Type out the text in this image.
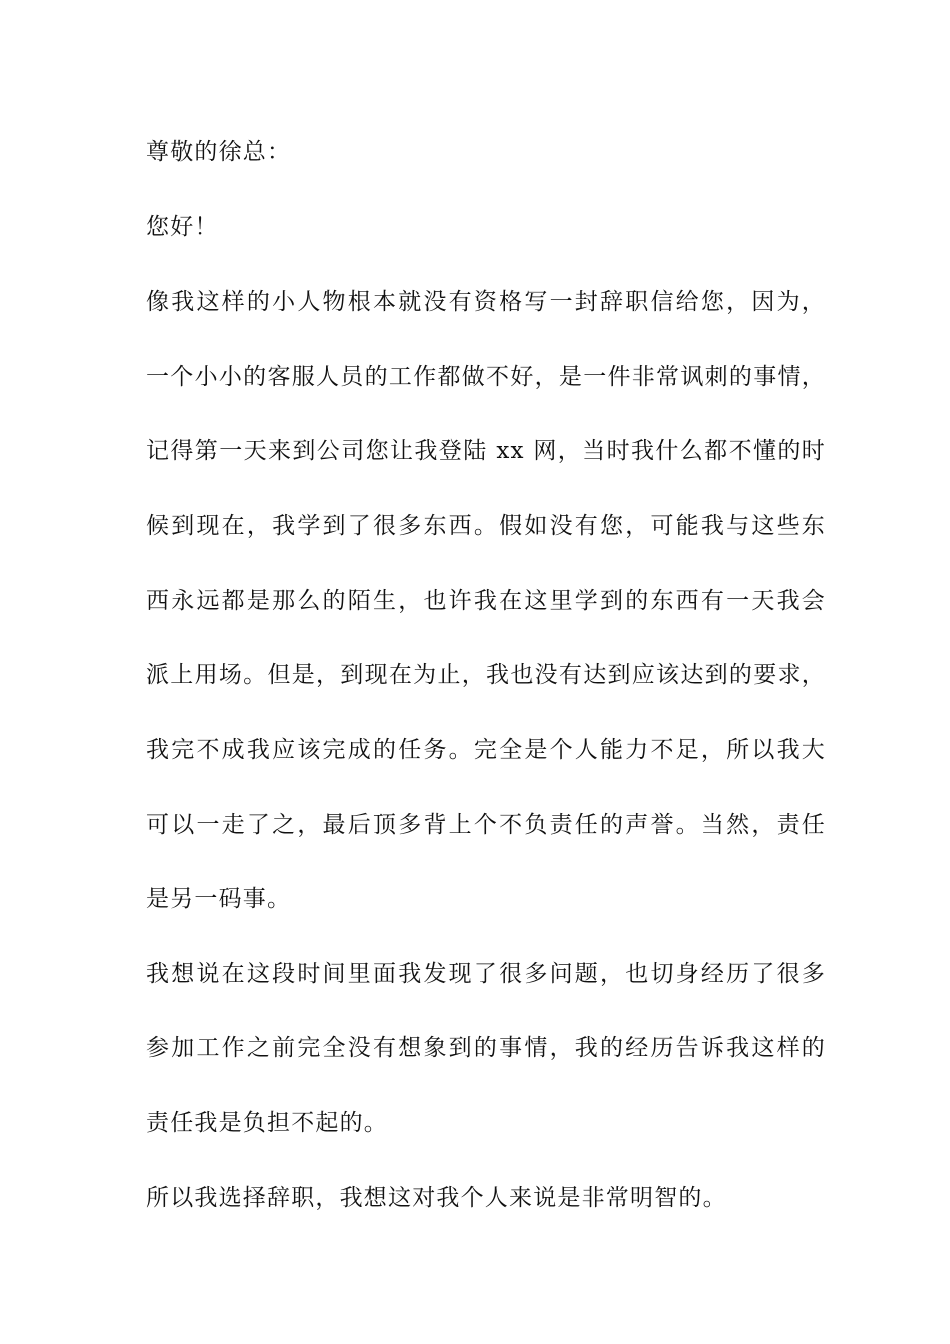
尊敬的徐总：
您好！
像我这样的小人物根本就没有资格写一封辞职信给您，因为，
一个小小的客服人员的工作都做不好，是一件非常讽刺的事情，
记得第一天来到公司您让我登陆 xx 网，当时我什么都不懂的时
候到现在，我学到了很多东西。假如没有您，可能我与这些东
西永远都是那么的陌生，也许我在这里学到的东西有一天我会
派上用场。但是，到现在为止，我也没有达到应该达到的要求，
我完不成我应该完成的任务。完全是个人能力不足，所以我大
可以一走了之，最后顶多背上个不负责任的声誉。当然，责任
是另一码事。
我想说在这段时间里面我发现了很多问题，也切身经历了很多
参加工作之前完全没有想象到的事情，我的经历告诉我这样的
责任我是负担不起的。
所以我选择辞职，我想这对我个人来说是非常明智的。
